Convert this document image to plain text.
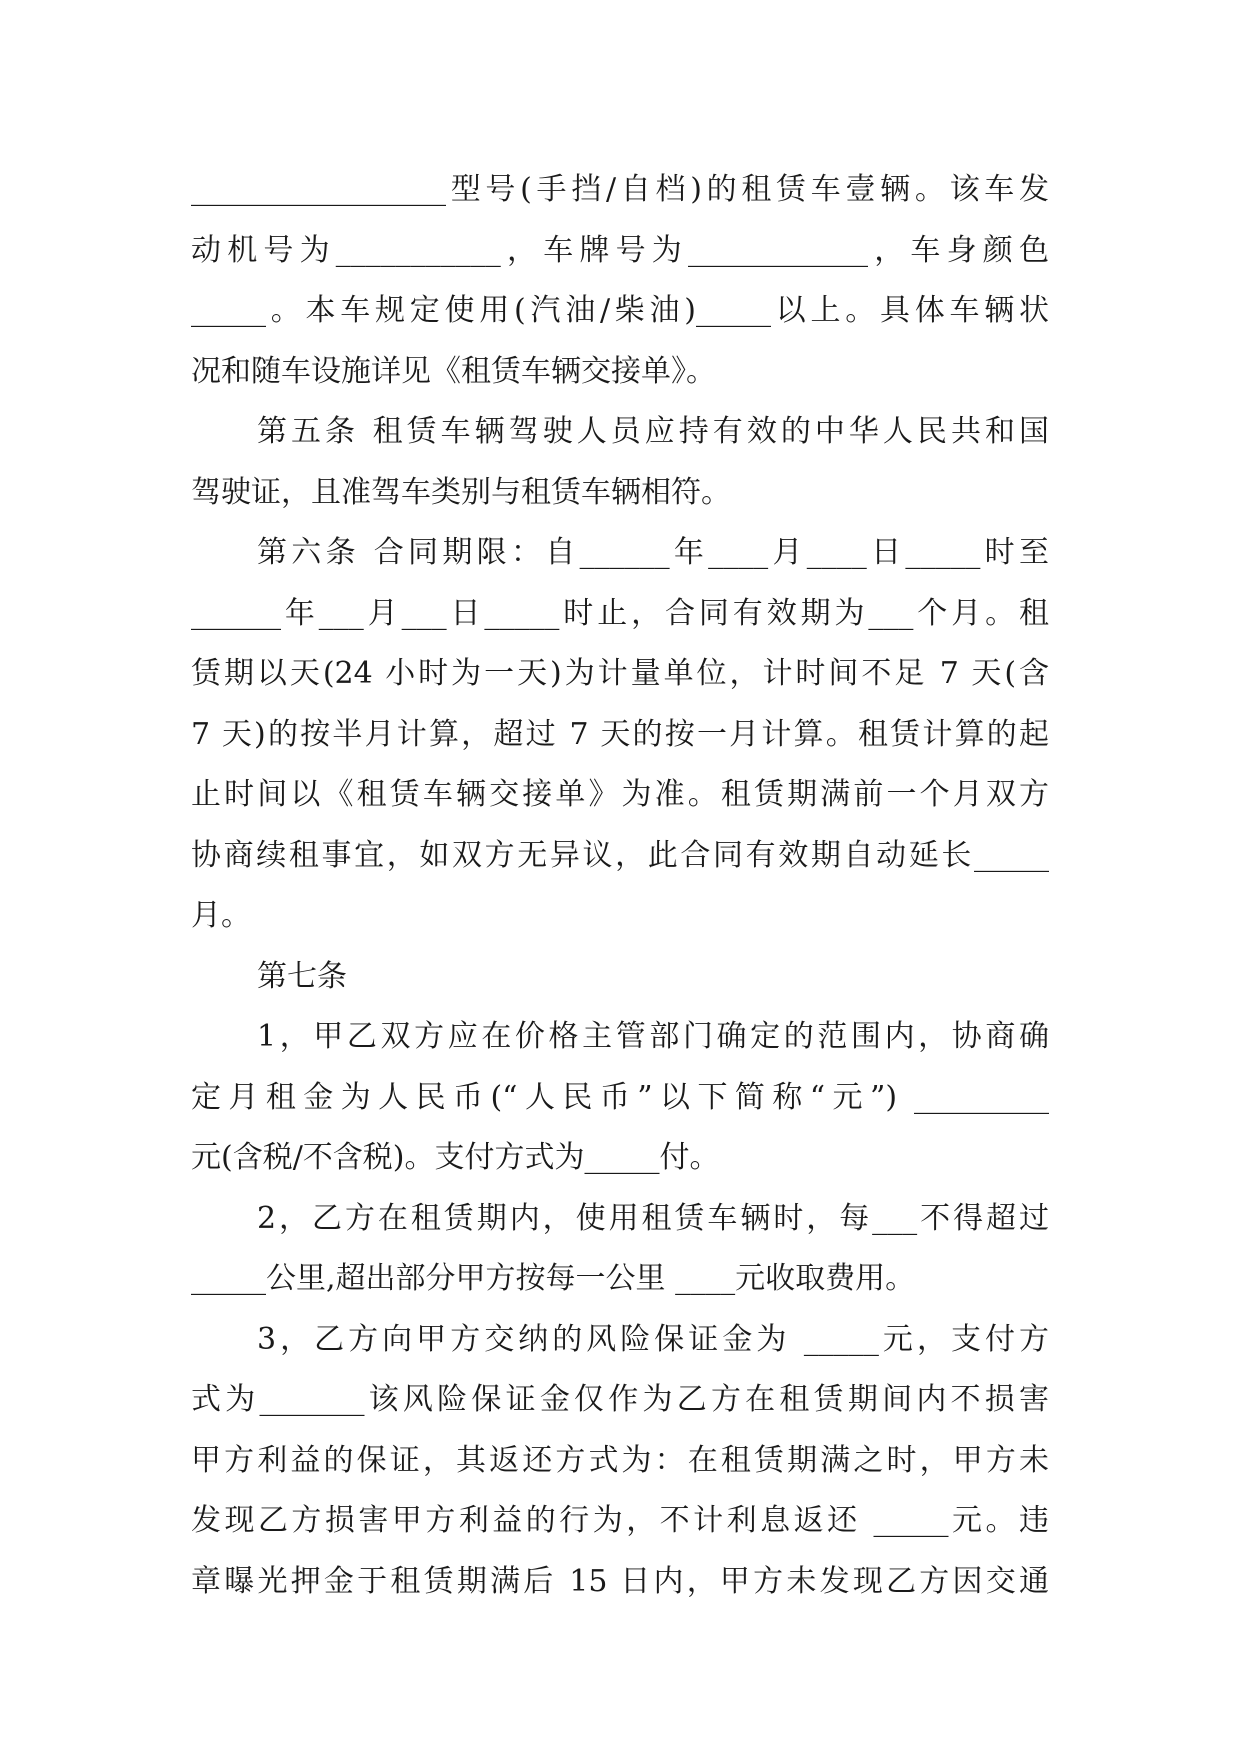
_________________型号(手挡/自档)的租赁车壹辆。该车发
动机号为___________，车牌号为____________，车身颜色
_____。本车规定使用(汽油/柴油)_____以上。具体车辆状
况和随车设施详见《租赁车辆交接单》。
第五条 租赁车辆驾驶人员应持有效的中华人民共和国
驾驶证，且准驾车类别与租赁车辆相符。
第六条 合同期限：自______年____月____日_____时至
______年___月___日_____时止，合同有效期为___个月。租
赁期以天(24 小时为一天)为计量单位，计时间不足 7 天(含
7 天)的按半月计算，超过 7 天的按一月计算。租赁计算的起
止时间以《租赁车辆交接单》为准。租赁期满前一个月双方
协商续租事宜，如双方无异议，此合同有效期自动延长_____
月。
第七条
1，甲乙双方应在价格主管部门确定的范围内，协商确
定月租金为人民币(“人民币”以下简称“元”) _________
元(含税/不含税)。支付方式为_____付。
2，乙方在租赁期内，使用租赁车辆时，每___不得超过
_____公里,超出部分甲方按每一公里 ____元收取费用。
3，乙方向甲方交纳的风险保证金为 _____元，支付方
式为_______该风险保证金仅作为乙方在租赁期间内不损害
甲方利益的保证，其返还方式为：在租赁期满之时，甲方未
发现乙方损害甲方利益的行为，不计利息返还 _____元。违
章曝光押金于租赁期满后 15 日内，甲方未发现乙方因交通
